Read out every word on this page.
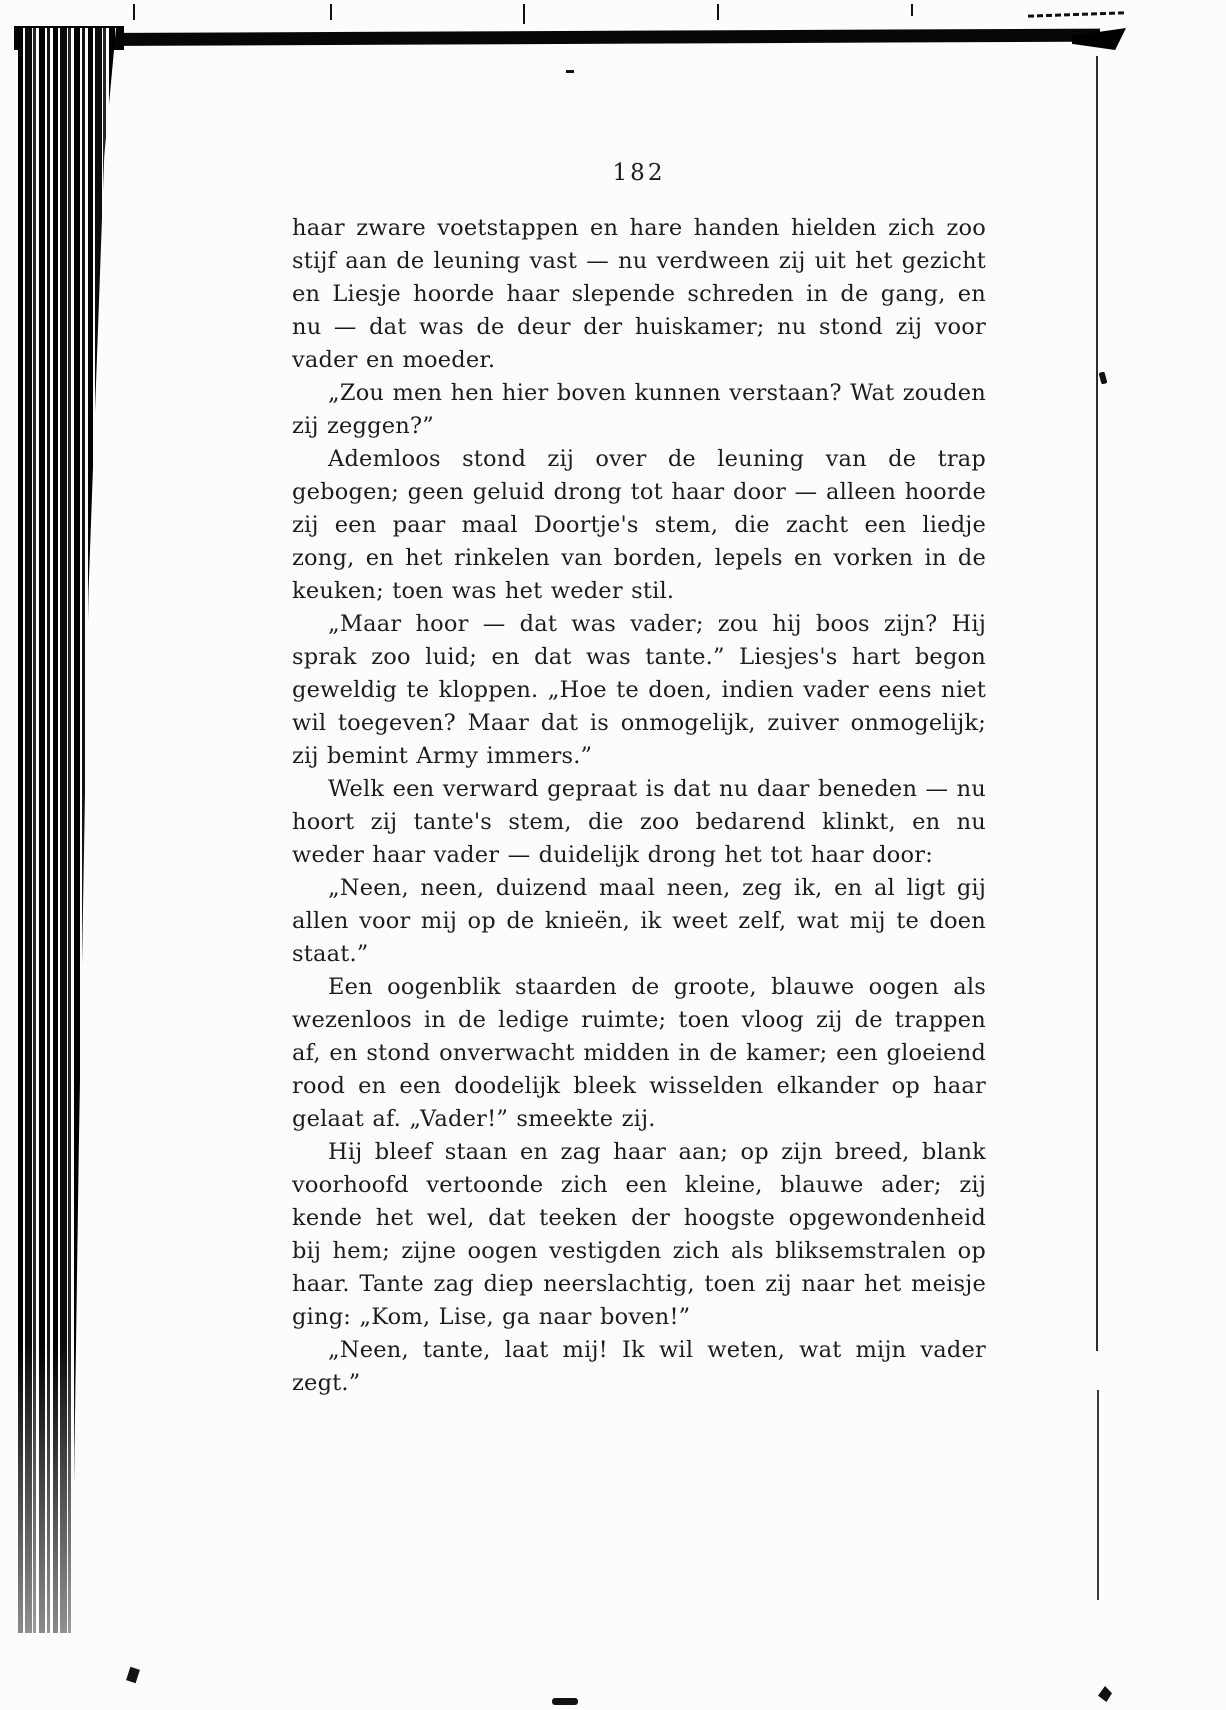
182

haar zware voetstappen en hare handen hielden zich zoo stijf aan de leuning vast — nu verdween zij uit het gezicht en Liesje hoorde haar slepende schreden in de gang, en nu — dat was de deur der huiskamer; nu stond zij voor vader en moeder.

„Zou men hen hier boven kunnen verstaan? Wat zouden zij zeggen?”

Ademloos stond zij over de leuning van de trap gebogen; geen geluid drong tot haar door — alleen hoorde zij een paar maal Doortje's stem, die zacht een liedje zong, en het rinkelen van borden, lepels en vorken in de keuken; toen was het weder stil.

„Maar hoor — dat was vader; zou hij boos zijn? Hij sprak zoo luid; en dat was tante.” Liesjes's hart begon geweldig te kloppen. „Hoe te doen, indien vader eens niet wil toegeven? Maar dat is onmogelijk, zuiver onmogelijk; zij bemint Army immers.”

Welk een verward gepraat is dat nu daar beneden — nu hoort zij tante's stem, die zoo bedarend klinkt, en nu weder haar vader — duidelijk drong het tot haar door:

„Neen, neen, duizend maal neen, zeg ik, en al ligt gij allen voor mij op de knieën, ik weet zelf, wat mij te doen staat.”

Een oogenblik staarden de groote, blauwe oogen als wezenloos in de ledige ruimte; toen vloog zij de trappen af, en stond onverwacht midden in de kamer; een gloeiend rood en een doodelijk bleek wisselden elkander op haar gelaat af. „Vader!” smeekte zij.

Hij bleef staan en zag haar aan; op zijn breed, blank voorhoofd vertoonde zich een kleine, blauwe ader; zij kende het wel, dat teeken der hoogste opgewondenheid bij hem; zijne oogen vestigden zich als bliksemstralen op haar. Tante zag diep neerslachtig, toen zij naar het meisje ging: „Kom, Lise, ga naar boven!”

„Neen, tante, laat mij! Ik wil weten, wat mijn vader zegt.”
